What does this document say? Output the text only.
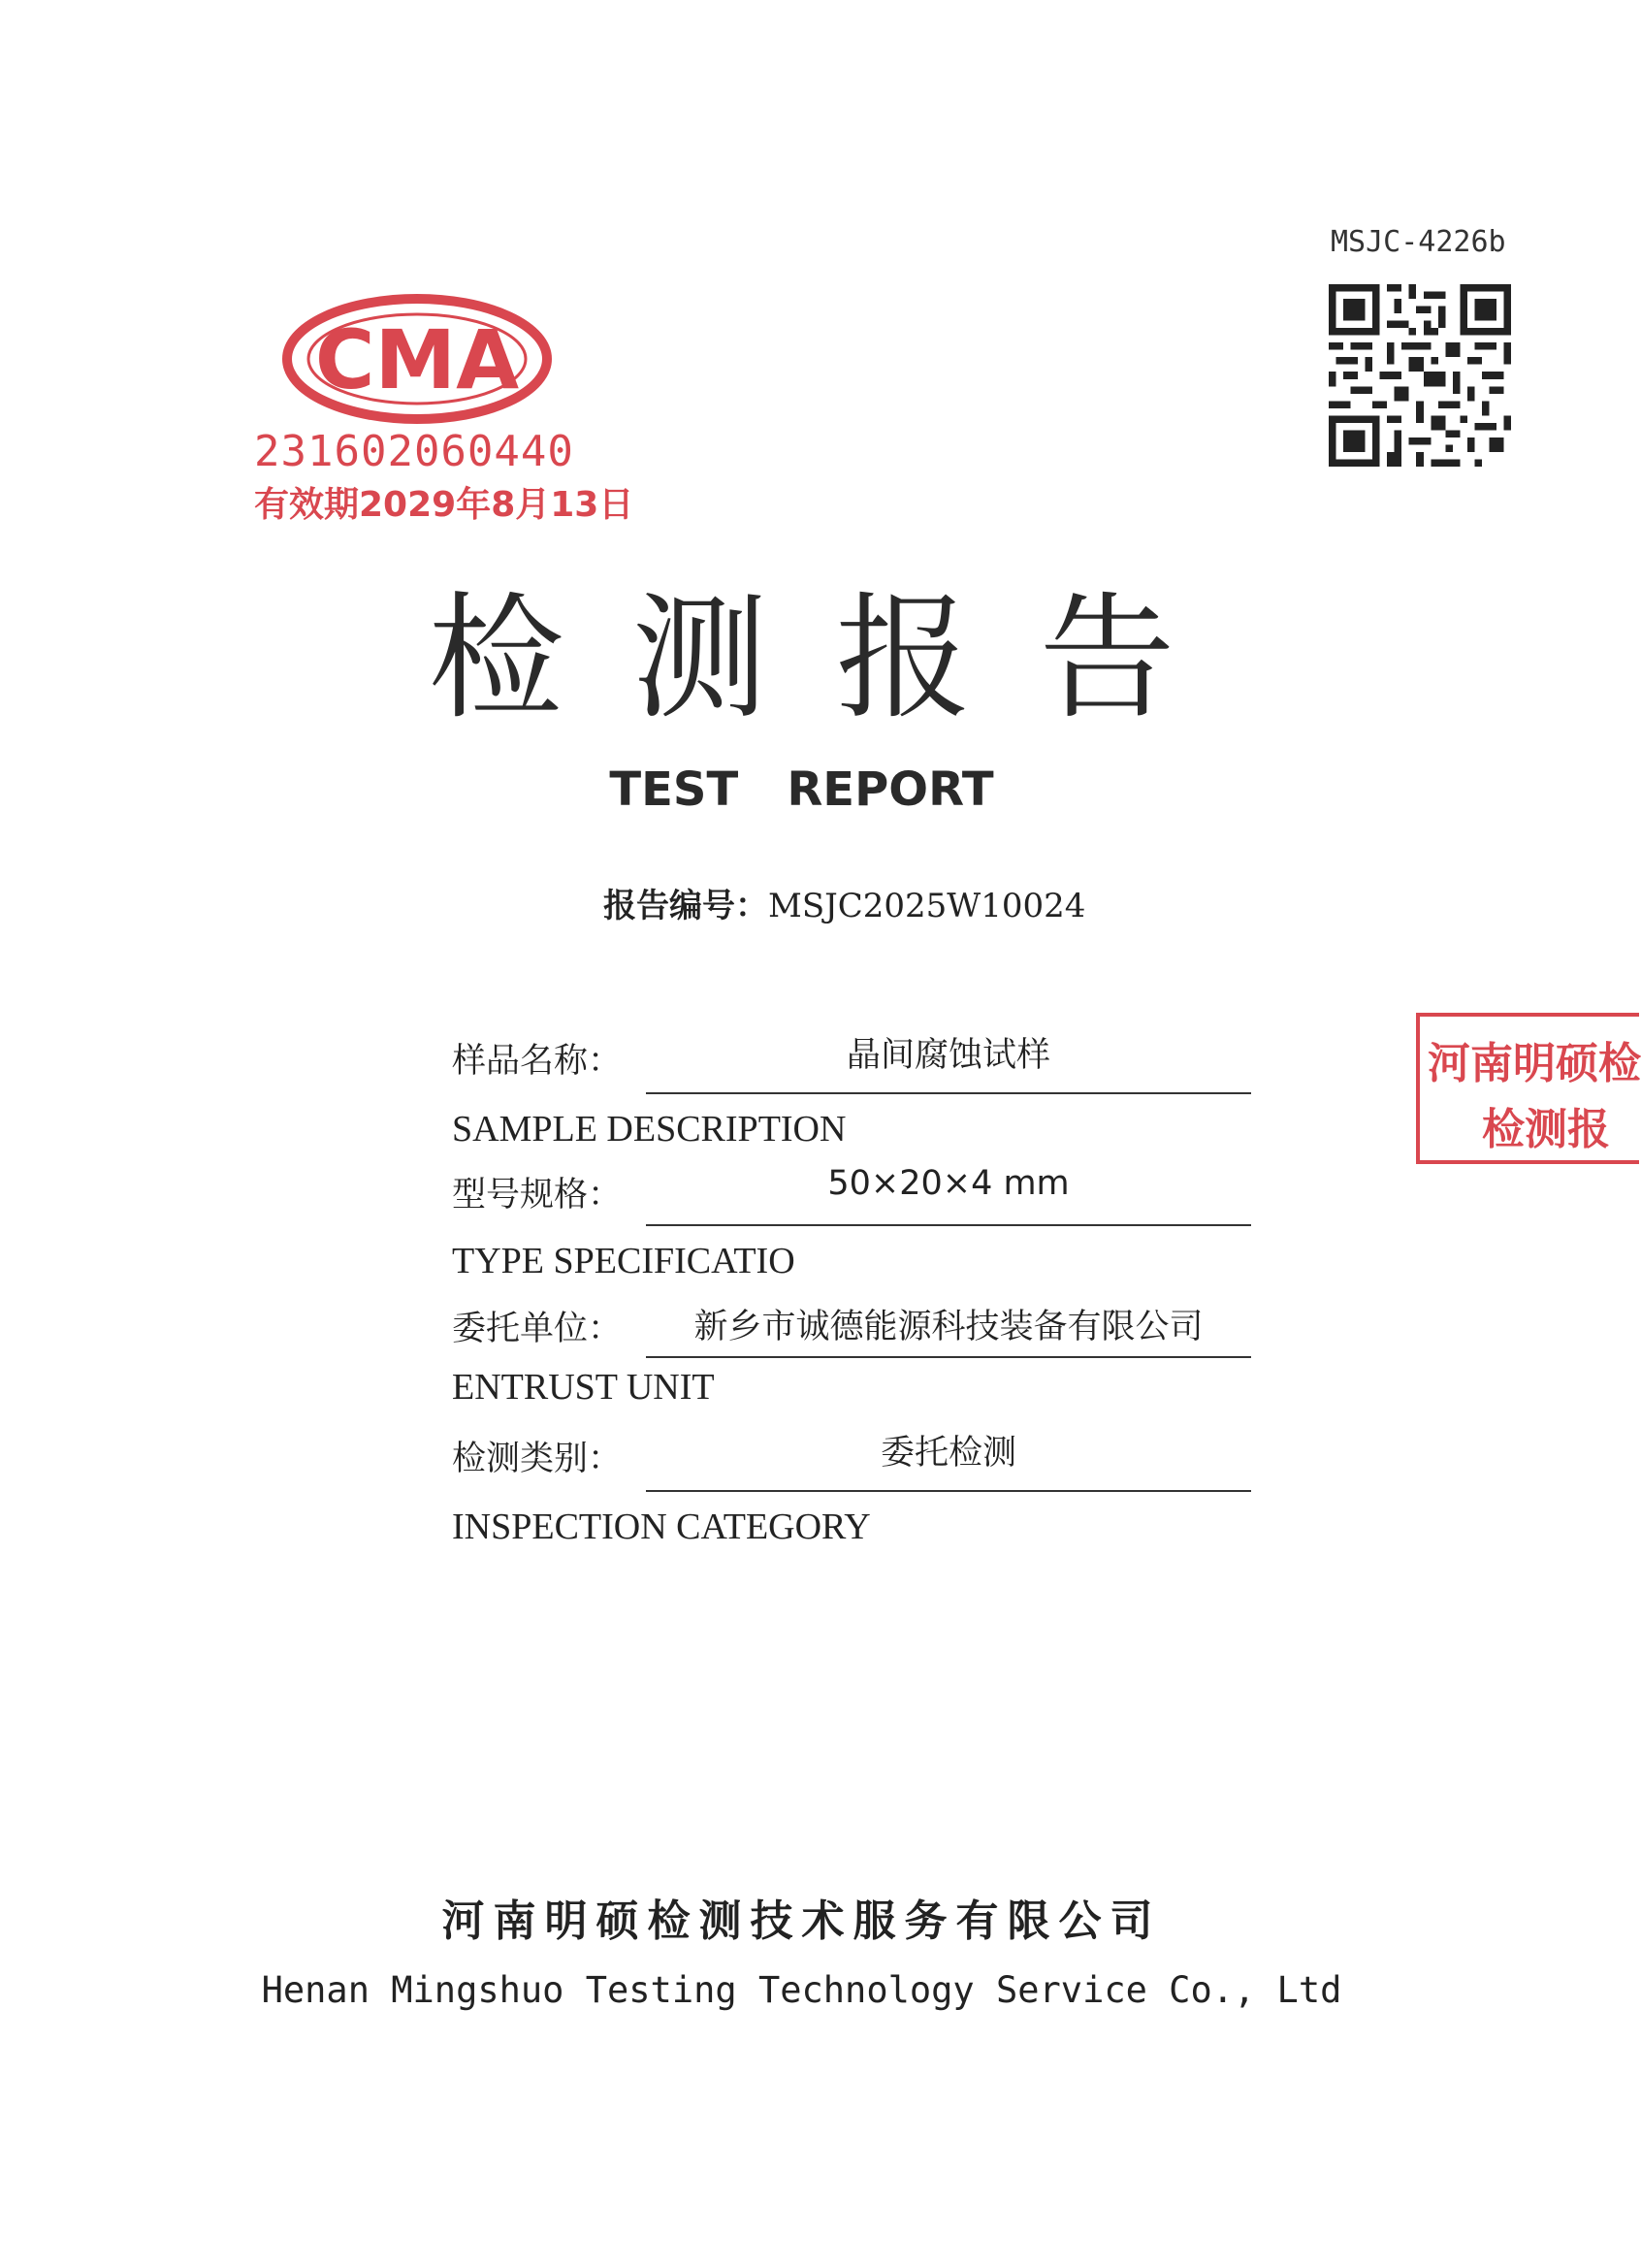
CMA
231602060440
有效期2029年8月13日
MSJC-4226b
检测报告
TEST   REPORT
报告编号：MSJC2025W10024
样品名称：	晶间腐蚀试样
SAMPLE DESCRIPTION
型号规格：	50×20×4 mm
TYPE SPECIFICATIO
委托单位：	新乡市诚德能源科技装备有限公司
ENTRUST UNIT
检测类别：	委托检测
INSPECTION CATEGORY
河南明硕检
检测报
河南明硕检测技术服务有限公司
Henan Mingshuo Testing Technology Service Co., Ltd
